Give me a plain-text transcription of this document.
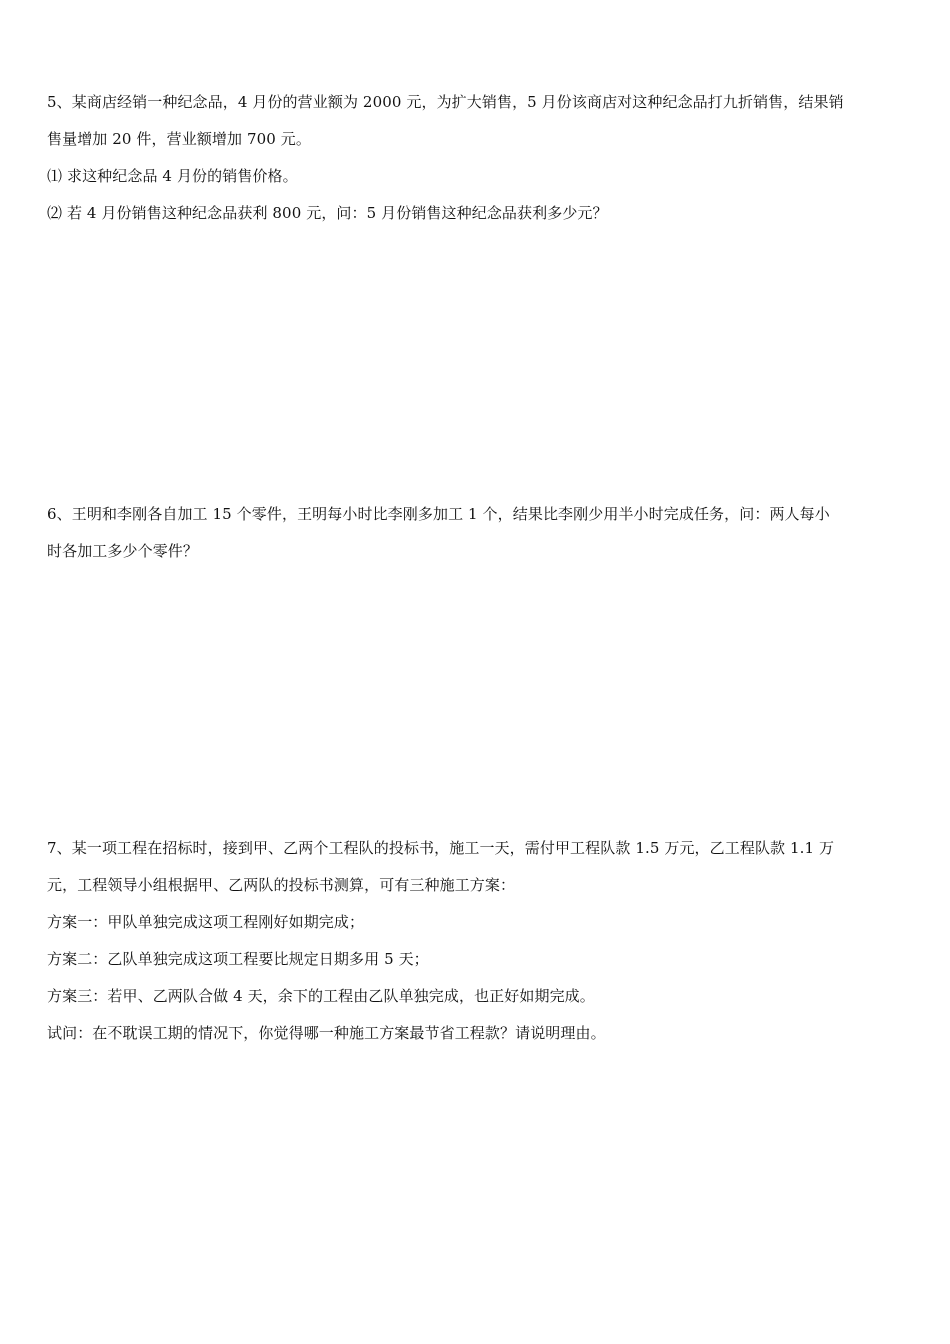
5、某商店经销一种纪念品，4 月份的营业额为 2000 元，为扩大销售，5 月份该商店对这种纪念品打九折销售，结果销
售量增加 20 件，营业额增加 700 元。
⑴ 求这种纪念品 4 月份的销售价格。
⑵ 若 4 月份销售这种纪念品获利 800 元，问：5 月份销售这种纪念品获利多少元？
6、王明和李刚各自加工 15 个零件，王明每小时比李刚多加工 1 个，结果比李刚少用半小时完成任务，问：两人每小
时各加工多少个零件？
7、某一项工程在招标时，接到甲、乙两个工程队的投标书，施工一天，需付甲工程队款 1.5 万元，乙工程队款 1.1 万
元，工程领导小组根据甲、乙两队的投标书测算，可有三种施工方案：
方案一：甲队单独完成这项工程刚好如期完成；
方案二：乙队单独完成这项工程要比规定日期多用 5 天；
方案三：若甲、乙两队合做 4 天，余下的工程由乙队单独完成，也正好如期完成。
试问：在不耽误工期的情况下，你觉得哪一种施工方案最节省工程款？请说明理由。
